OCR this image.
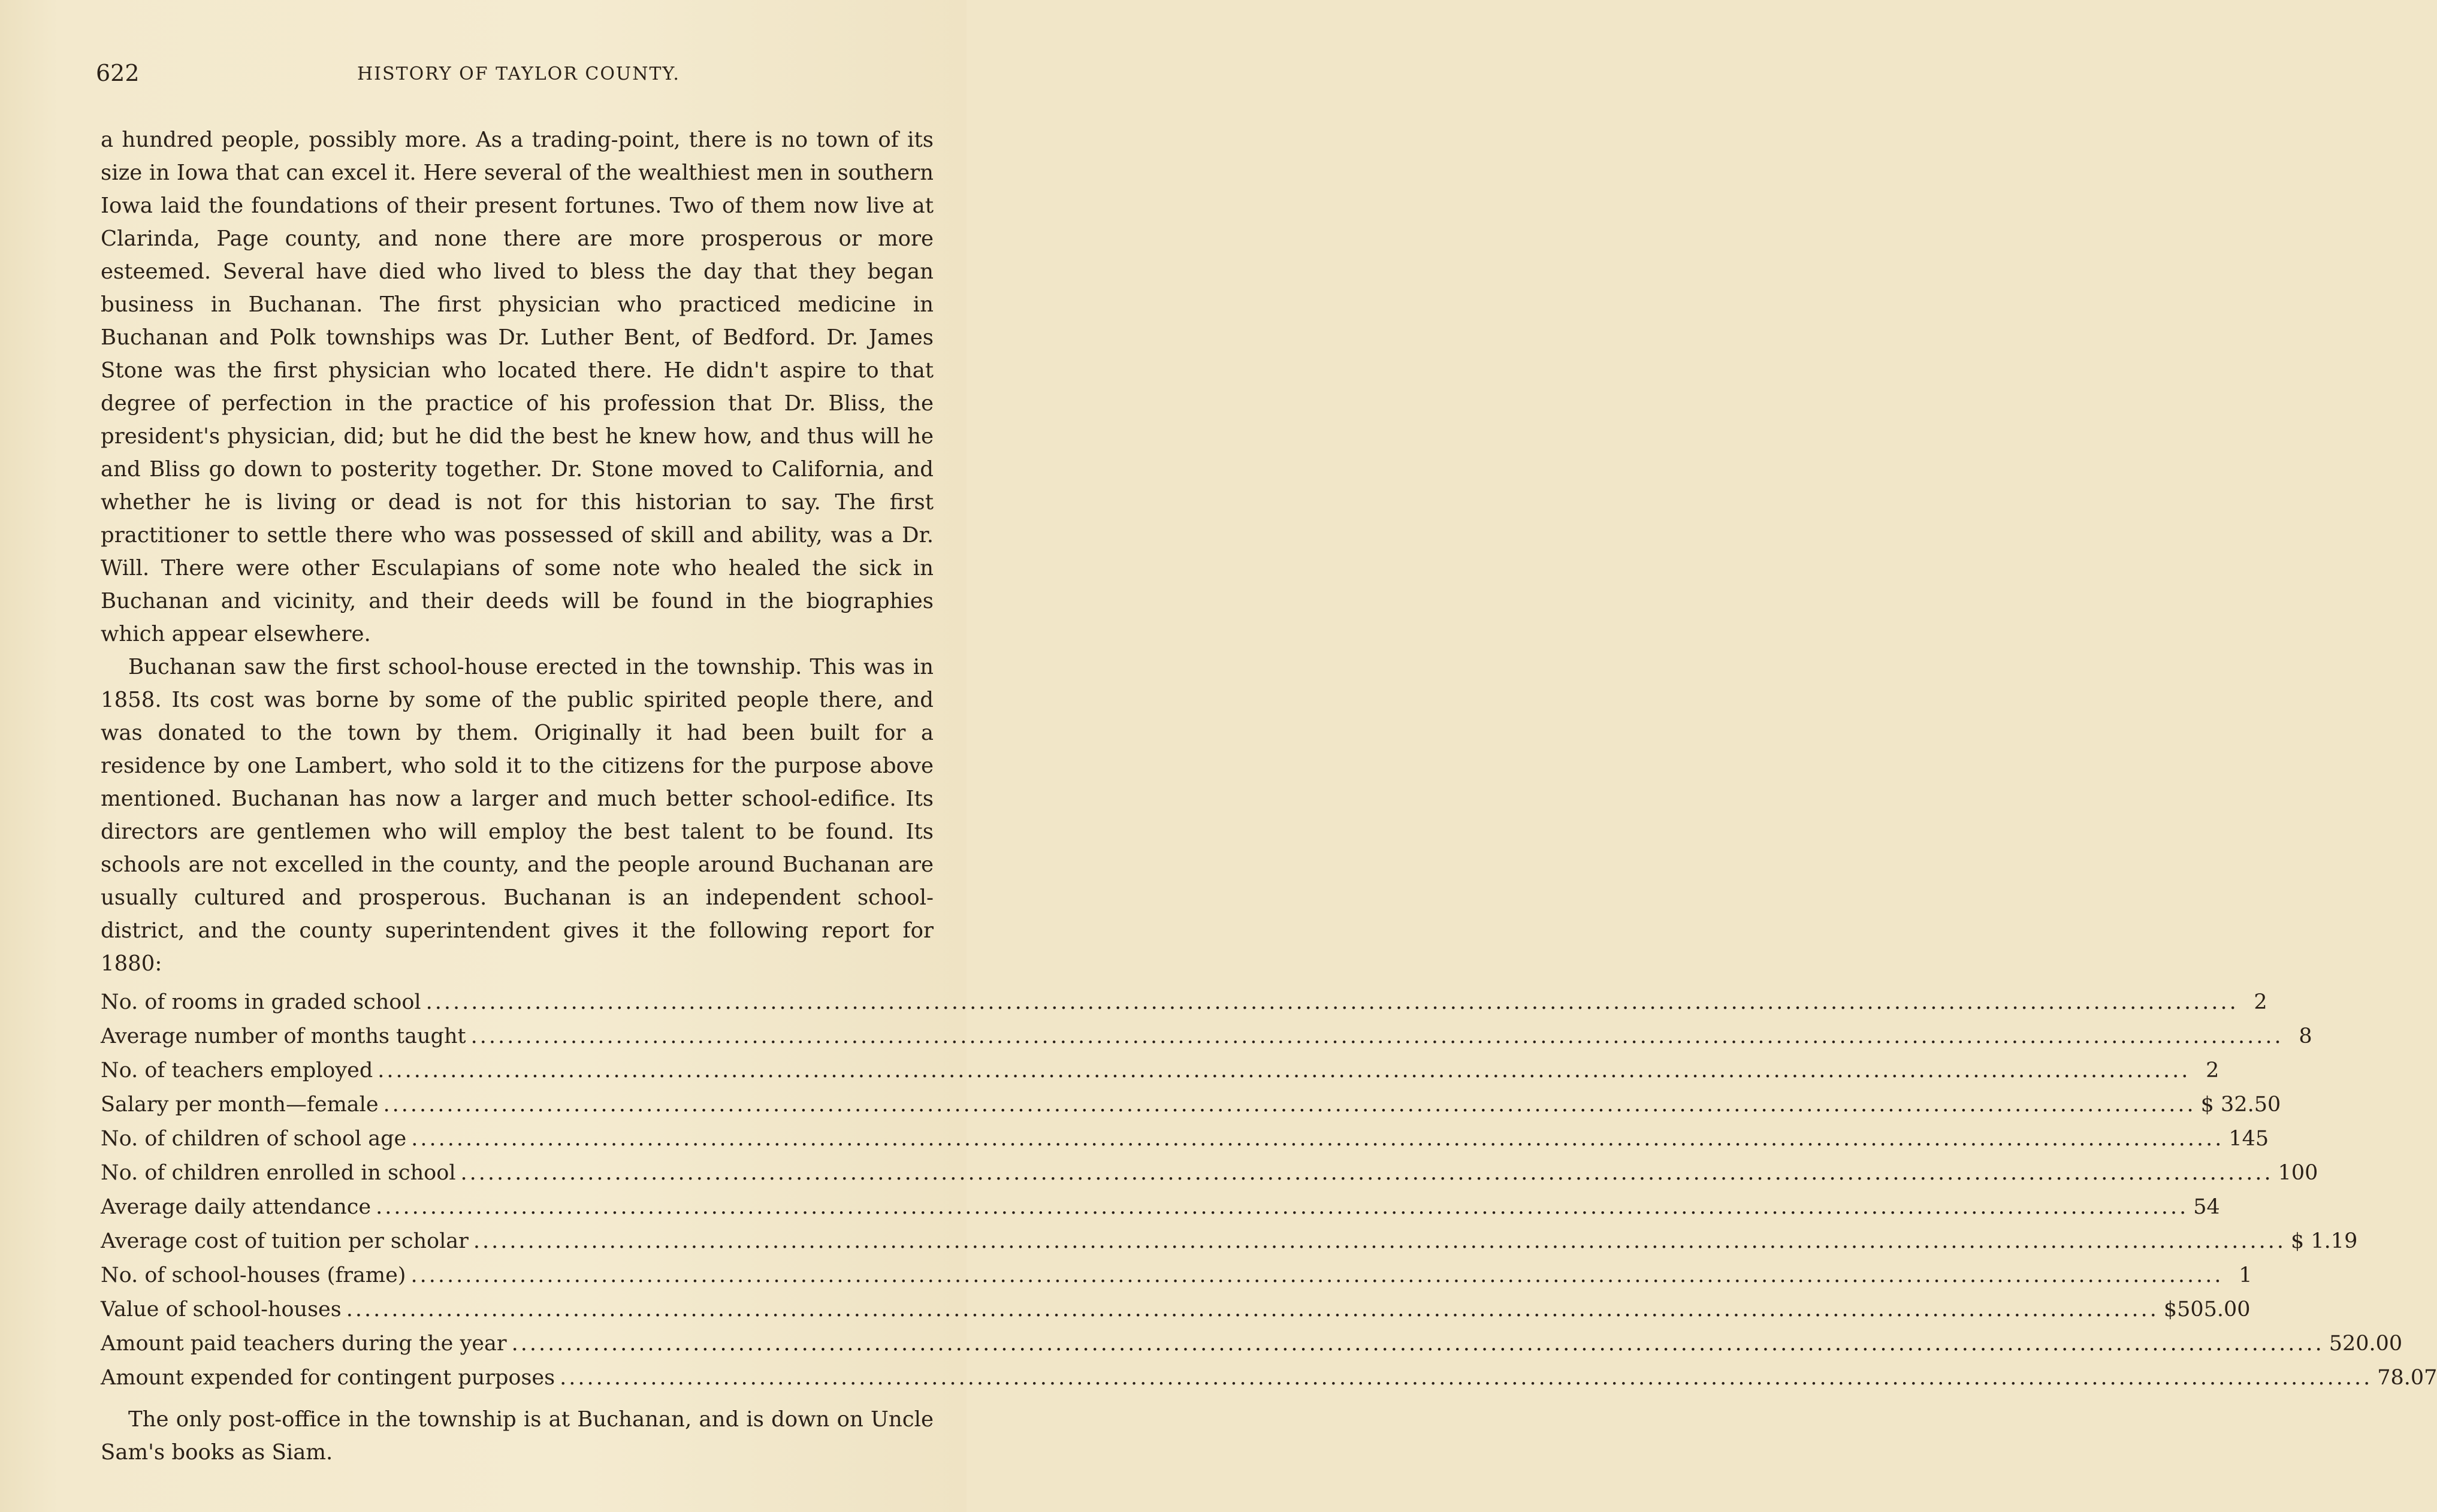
622	HISTORY OF TAYLOR COUNTY.

a hundred people, possibly more. As a trading-point, there is no town of its size in Iowa that can excel it. Here several of the wealthiest men in southern Iowa laid the foundations of their present fortunes. Two of them now live at Clarinda, Page county, and none there are more prosperous or more esteemed. Several have died who lived to bless the day that they began business in Buchanan. The first physician who practiced medicine in Buchanan and Polk townships was Dr. Luther Bent, of Bedford. Dr. James Stone was the first physician who located there. He didn't aspire to that degree of perfection in the practice of his profession that Dr. Bliss, the president's physician, did; but he did the best he knew how, and thus will he and Bliss go down to posterity together. Dr. Stone moved to California, and whether he is living or dead is not for this historian to say. The first practitioner to settle there who was possessed of skill and ability, was a Dr. Will. There were other Esculapians of some note who healed the sick in Buchanan and vicinity, and their deeds will be found in the biographies which appear elsewhere.

Buchanan saw the first school-house erected in the township. This was in 1858. Its cost was borne by some of the public spirited people there, and was donated to the town by them. Originally it had been built for a residence by one Lambert, who sold it to the citizens for the purpose above mentioned. Buchanan has now a larger and much better school-edifice. Its directors are gentlemen who will employ the best talent to be found. Its schools are not excelled in the county, and the people around Buchanan are usually cultured and prosperous. Buchanan is an independent school-district, and the county superintendent gives it the following report for 1880:

No. of rooms in graded school ........................................................................................................................................................................................................ 2
Average number of months taught ........................................................................................................................................................................................................ 8
No. of teachers employed ........................................................................................................................................................................................................ 2
Salary per month—female ........................................................................................................................................................................................................ $ 32.50
No. of children of school age ........................................................................................................................................................................................................ 145
No. of children enrolled in school ........................................................................................................................................................................................................ 100
Average daily attendance ........................................................................................................................................................................................................ 54
Average cost of tuition per scholar ........................................................................................................................................................................................................ $ 1.19
No. of school-houses (frame) ........................................................................................................................................................................................................ 1
Value of school-houses ........................................................................................................................................................................................................ $505.00
Amount paid teachers during the year ........................................................................................................................................................................................................ 520.00
Amount expended for contingent purposes ........................................................................................................................................................................................................ 78.07

The only post-office in the township is at Buchanan, and is down on Uncle Sam's books as Siam.
